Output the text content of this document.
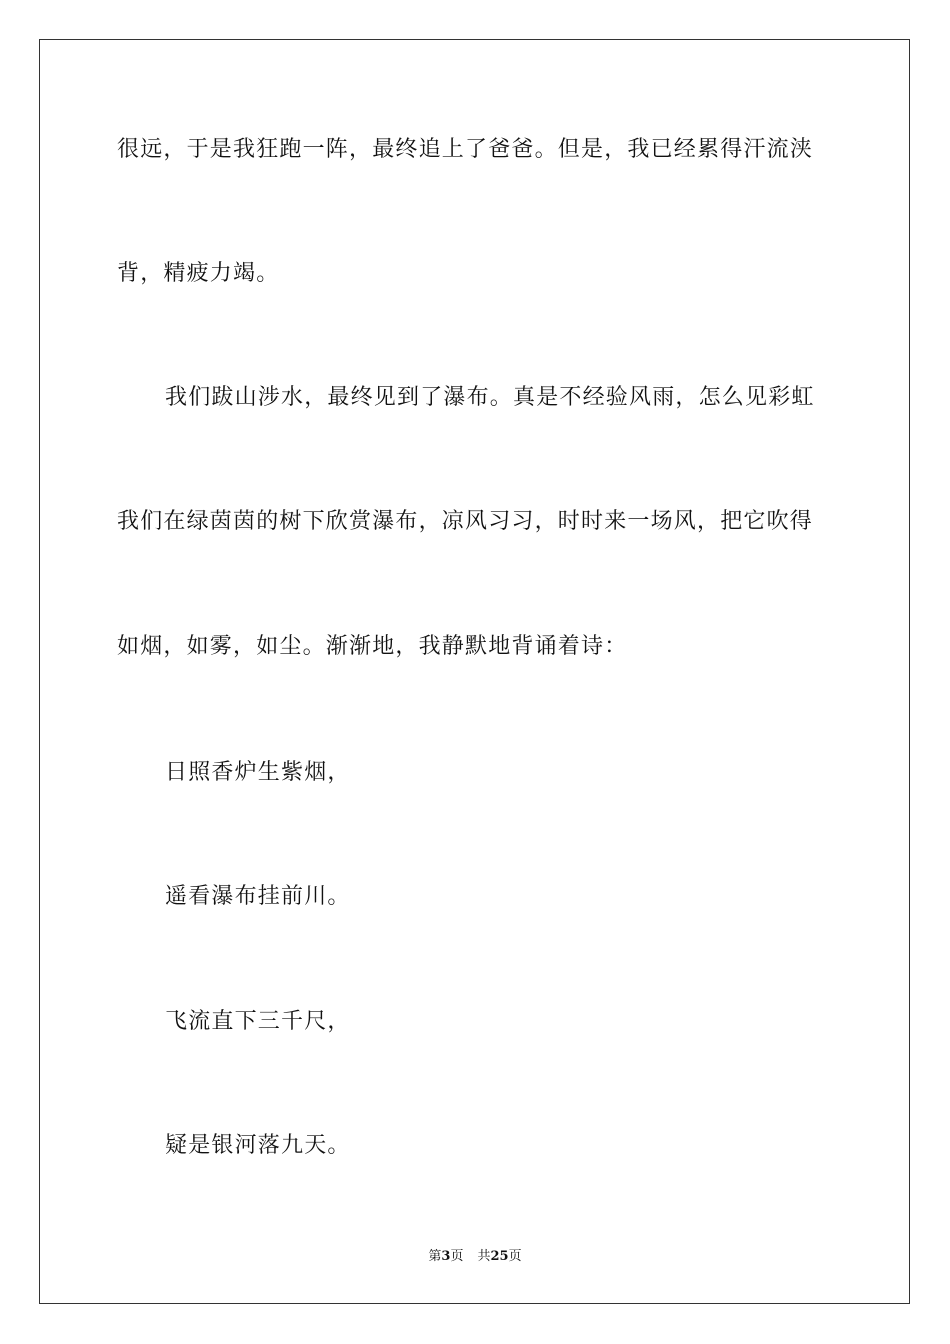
很远，于是我狂跑一阵，最终追上了爸爸。但是，我已经累得汗流浃
背，精疲力竭。
我们跋山涉水，最终见到了瀑布。真是不经验风雨，怎么见彩虹
我们在绿茵茵的树下欣赏瀑布，凉风习习，时时来一场风，把它吹得
如烟，如雾，如尘。渐渐地，我静默地背诵着诗：
日照香炉生紫烟，
遥看瀑布挂前川。
飞流直下三千尺，
疑是银河落九天。
第3页 共25页
